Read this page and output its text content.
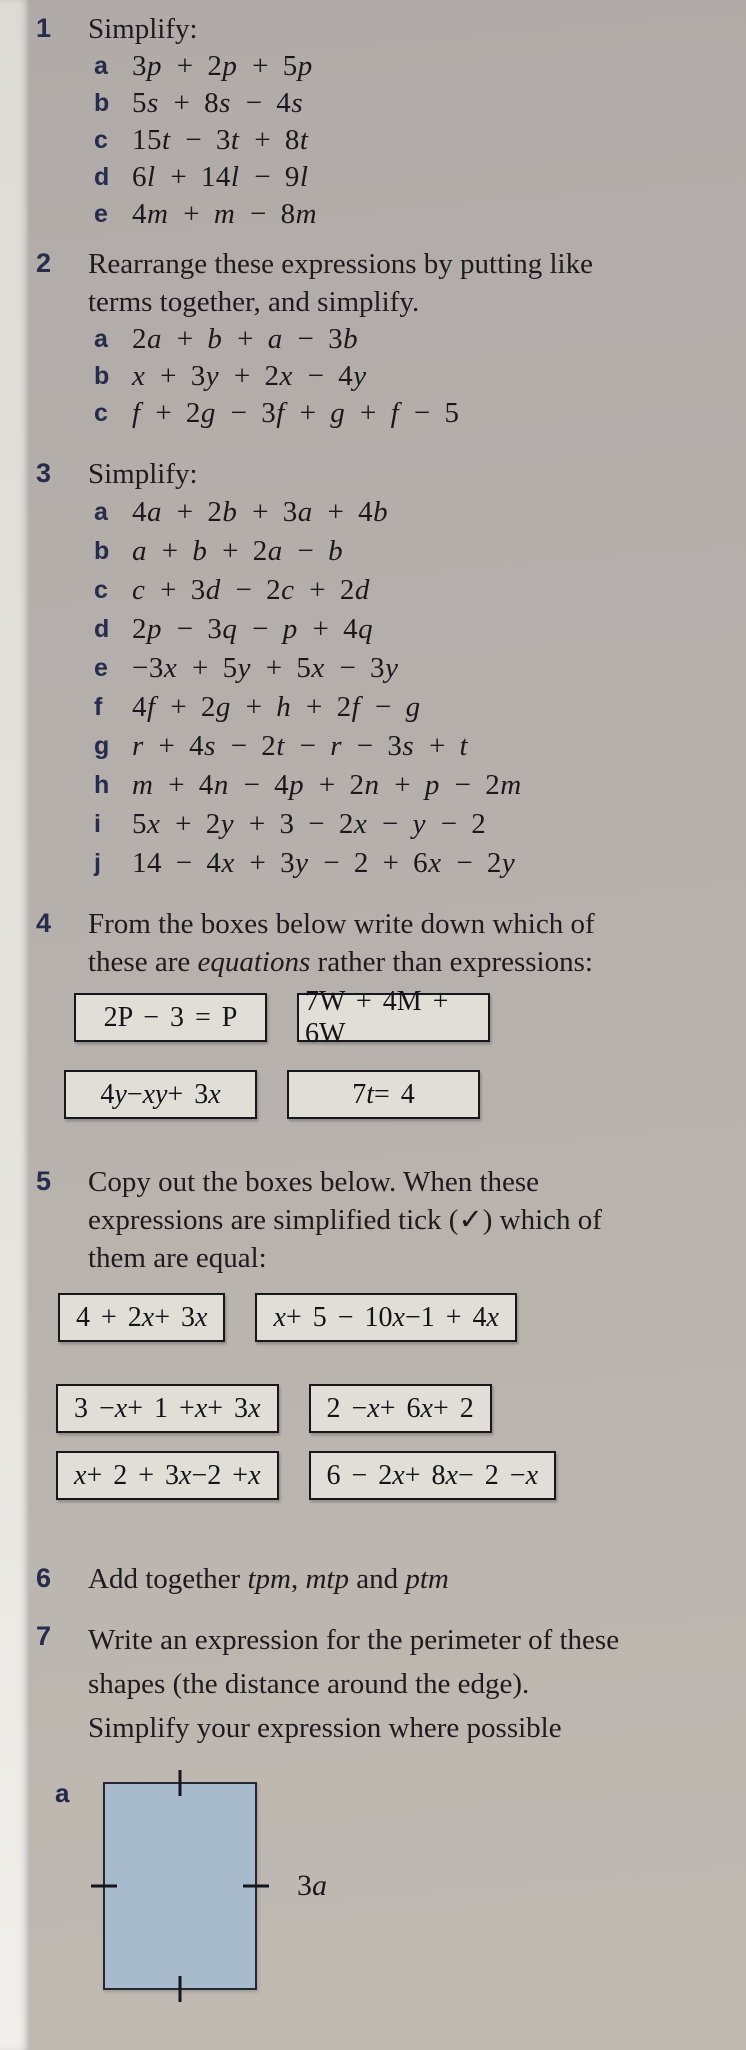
1	Simplify:
a 3p + 2p + 5p
b 5s + 8s − 4s
c 15t − 3t + 8t
d 6l + 14l − 9l
e 4m + m − 8m
2	Rearrange these expressions by putting like
terms together, and simplify.
a 2a + b + a − 3b
b x + 3y + 2x − 4y
c f + 2g − 3f + g + f − 5
3	Simplify:
a 4a + 2b + 3a + 4b
b a + b + 2a − b
c c + 3d − 2c + 2d
d 2p − 3q − p + 4q
e −3x + 5y + 5x − 3y
f	4f + 2g + h + 2f − g
g r + 4s − 2t − r − 3s + t
h m + 4n − 4p + 2n + p − 2m
i	5x + 2y + 3 − 2x − y − 2
j	14 − 4x + 3y − 2 + 6x − 2y
4	From the boxes below write down which of
these are equations rather than expressions:
2P − 3 = P
7W + 4M + 6W
4 y − xy + 3 x	7 t = 4
5	Copy out the boxes below. When these
expressions are simplified tick (✓) which of
them are equal:
4 + 2 x + 3 x x + 5 − 10 x −1 + 4 x
3 − x + 1 + x + 3 x	2 − x + 6 x + 2
x + 2 + 3 x −2 + x	6 − 2 x + 8 x − 2 − x
6	Add together tpm, mtp and ptm
7	Write an expression for the perimeter of these
shapes (the distance around the edge).
Simplify your expression where possible
a
3a
